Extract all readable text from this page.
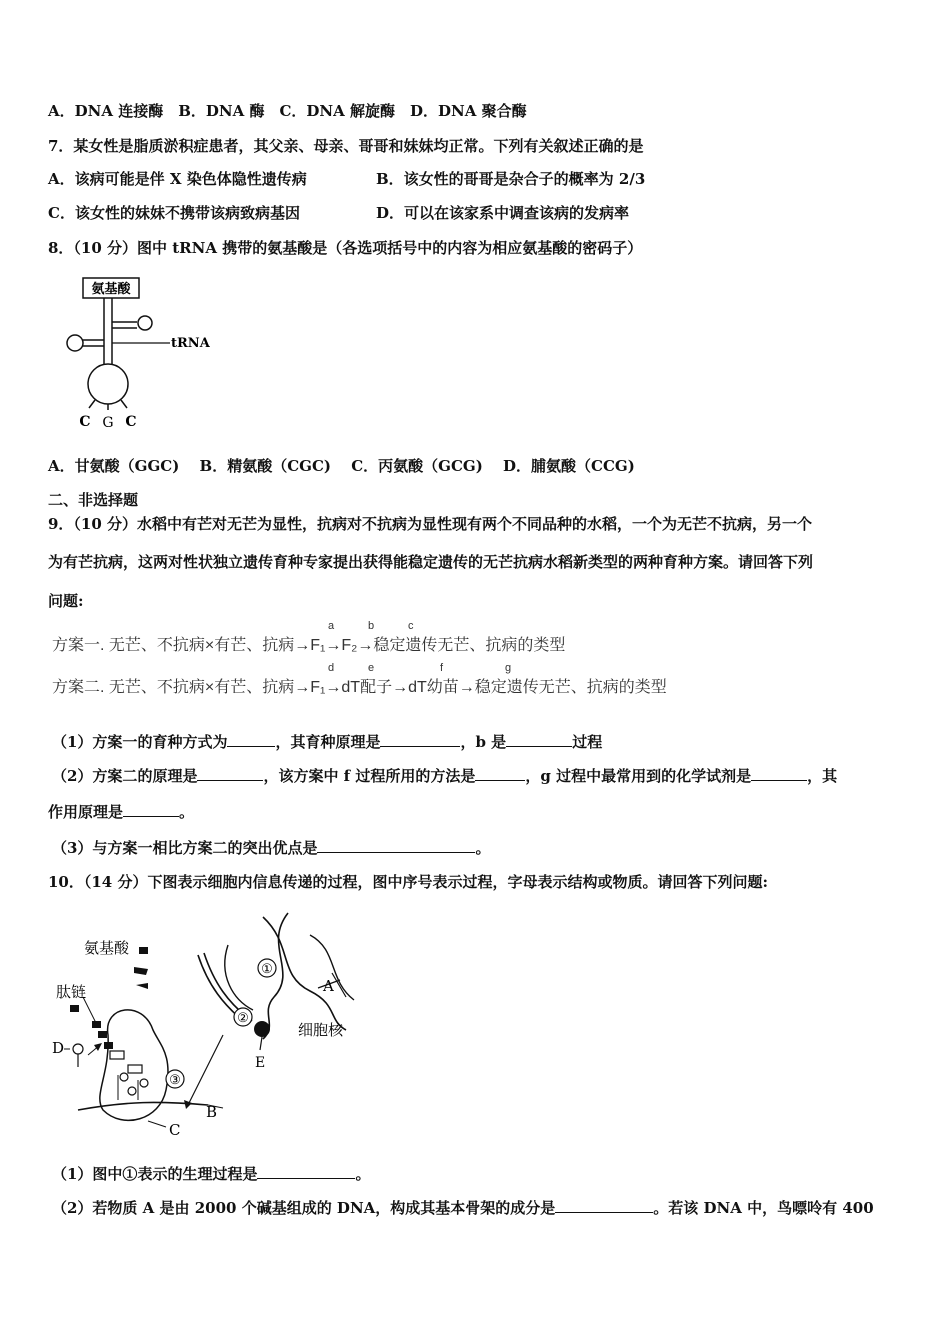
A．DNA 连接酶　B．DNA 酶　C．DNA 解旋酶　D．DNA 聚合酶
7．某女性是脂质淤积症患者，其父亲、母亲、哥哥和妹妹均正常。下列有关叙述正确的是
A．该病可能是伴 X 染色体隐性遗传病	B．该女性的哥哥是杂合子的概率为 2/3
C．该女性的妹妹不携带该病致病基因	D．可以在该家系中调查该病的发病率
8．（10 分）图中 tRNA 携带的氨基酸是（各选项括号中的内容为相应氨基酸的密码子）
氨基酸
tRNA
C G C
A．甘氨酸（GGC)　 B．精氨酸（CGC)　 C．丙氨酸（GCG)　 D．脯氨酸（CCG)
二、非选择题
9．（10 分）水稻中有芒对无芒为显性，抗病对不抗病为显性现有两个不同品种的水稻，一个为无芒不抗病，另一个
为有芒抗病，这两对性状独立遗传育种专家提出获得能稳定遗传的无芒抗病水稻新类型的两种育种方案。请回答下列
问题:
方案一. 无芒、不抗病×有芒、抗病→F₁→F₂→稳定遗传无芒、抗病的类型
方案二. 无芒、不抗病×有芒、抗病→F₁→dT配子→dT幼苗→稳定遗传无芒、抗病的类型
a	b	c
d	e	f	g
（1）方案一的育种方式为	，其育种原理是	，b 是	过程
（2）方案二的原理是	，该方案中 f 过程所用的方法是	，g 过程中最常用到的化学试剂是	，其
作用原理是	。
（3）与方案一相比方案二的突出优点是	。
10．（14 分）下图表示细胞内信息传递的过程，图中序号表示过程，字母表示结构或物质。请回答下列问题:
A
①
②
E
细胞核
B
C
③
氨基酸
肽链
D
（1）图中①表示的生理过程是	。
（2）若物质 A 是由 2000 个碱基组成的 DNA，构成其基本骨架的成分是	。若该 DNA 中，鸟嘌呤有 400
